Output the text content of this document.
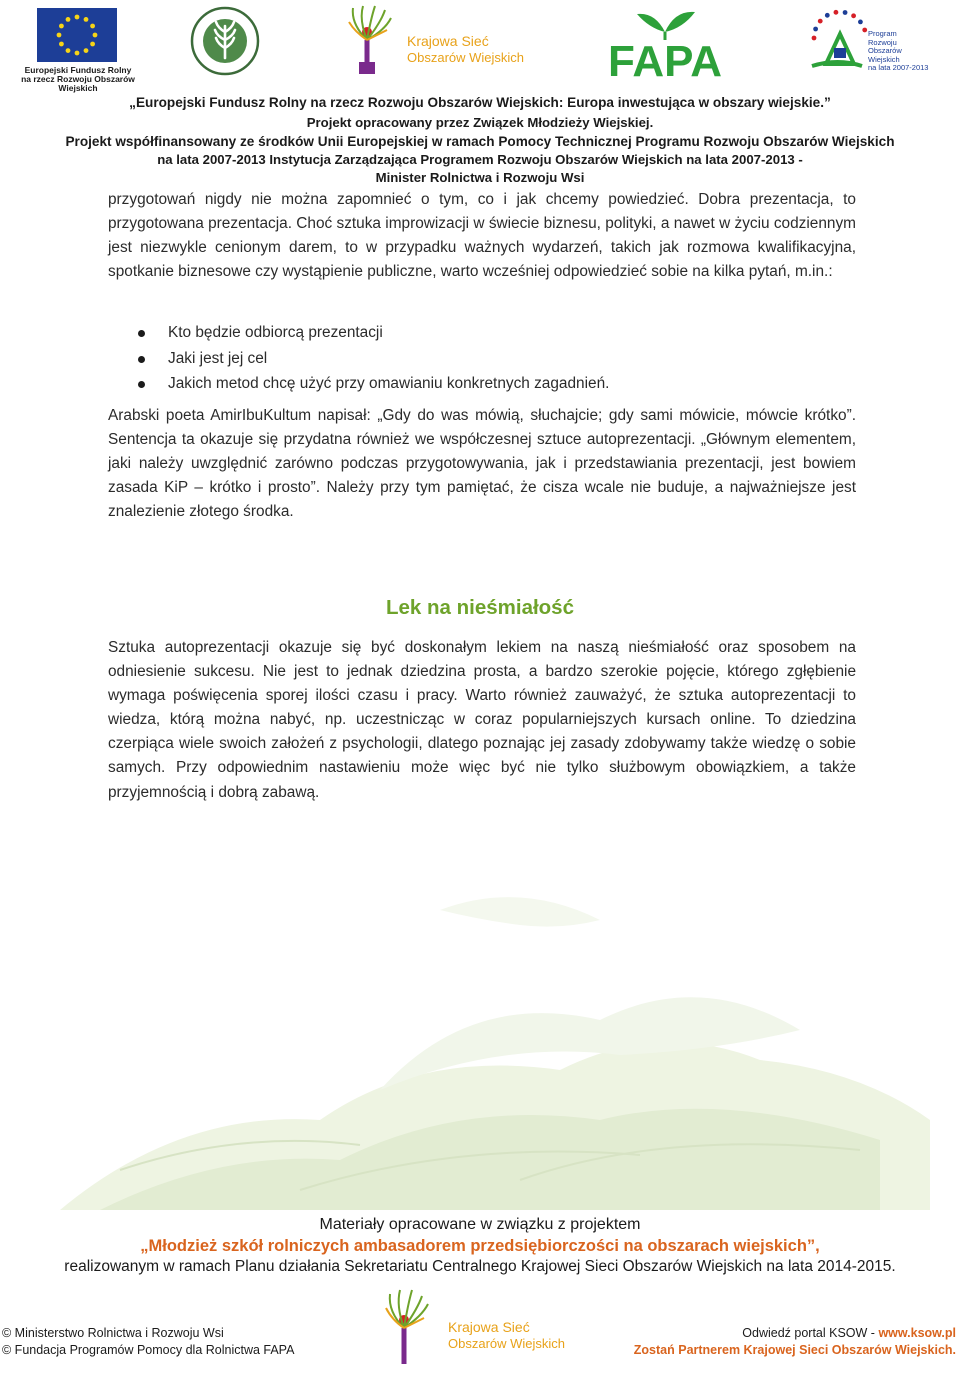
Europejski Fundusz Rolny
na rzecz Rozwoju Obszarów Wiejskich
Krajowa Sieć
Obszarów Wiejskich FAPA
Program
Rozwoju
Obszarów
Wiejskich
na lata 2007-2013
„Europejski Fundusz Rolny na rzecz Rozwoju Obszarów Wiejskich: Europa inwestująca w obszary wiejskie.”
Projekt opracowany przez Związek Młodzieży Wiejskiej.
Projekt współfinansowany ze środków Unii Europejskiej w ramach Pomocy Technicznej Programu Rozwoju Obszarów Wiejskich
na lata 2007-2013 Instytucja Zarządzająca Programem Rozwoju Obszarów Wiejskich na lata 2007-2013 -
Minister Rolnictwa i Rozwoju Wsi

przygotowań nigdy nie można zapomnieć o tym, co i jak chcemy powiedzieć. Dobra prezentacja, to przygotowana prezentacja. Choć sztuka improwizacji w świecie biznesu, polityki, a nawet w życiu codziennym jest niezwykle cenionym darem, to w przypadku ważnych wydarzeń, takich jak rozmowa kwalifikacyjna, spotkanie biznesowe czy wystąpienie publiczne, warto wcześniej odpowiedzieć sobie na kilka pytań, m.in.:

Kto będzie odbiorcą prezentacji
Jaki jest jej cel
Jakich metod chcę użyć przy omawianiu konkretnych zagadnień.

Arabski poeta AmirIbuKultum napisał: „Gdy do was mówią, słuchajcie; gdy sami mówicie, mówcie krótko”. Sentencja ta okazuje się przydatna również we współczesnej sztuce autoprezentacji. „Głównym elementem, jaki należy uwzględnić zarówno podczas przygotowywania, jak i przedstawiania prezentacji, jest bowiem zasada KiP – krótko i prosto”. Należy przy tym pamiętać, że cisza wcale nie buduje, a najważniejsze jest znalezienie złotego środka.

Lek na nieśmiałość

Sztuka autoprezentacji okazuje się być doskonałym lekiem na naszą nieśmiałość oraz sposobem na odniesienie sukcesu. Nie jest to jednak dziedzina prosta, a bardzo szerokie pojęcie, którego zgłębienie wymaga poświęcenia sporej ilości czasu i pracy. Warto również zauważyć, że sztuka autoprezentacji to wiedza, którą można nabyć, np. uczestnicząc w coraz popularniejszych kursach online. To dziedzina czerpiąca wiele swoich założeń z psychologii, dlatego poznając jej zasady zdobywamy także wiedzę o sobie samych. Przy odpowiednim nastawieniu może więc być nie tylko służbowym obowiązkiem, a także przyjemnością i dobrą zabawą.

Materiały opracowane w związku z projektem
„Młodzież szkół rolniczych ambasadorem przedsiębiorczości na obszarach wiejskich”,
realizowanym w ramach Planu działania Sekretariatu Centralnego Krajowej Sieci Obszarów Wiejskich na lata 2014-2015.
Krajowa Sieć
Obszarów Wiejskich
© Ministerstwo Rolnictwa i Rozwoju Wsi
© Fundacja Programów Pomocy dla Rolnictwa FAPA
Odwiedź portal KSOW - www.ksow.pl
Zostań Partnerem Krajowej Sieci Obszarów Wiejskich.
